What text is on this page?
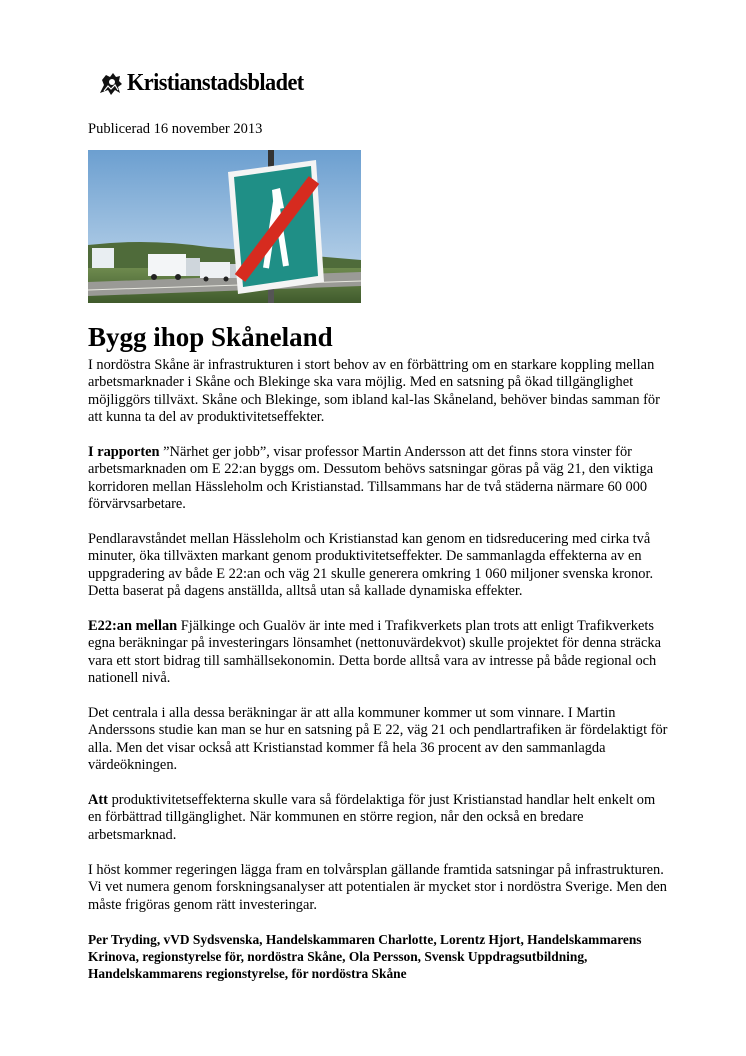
Kristianstadsbladet
Publicerad 16 november 2013
Bygg ihop Skåneland

I nordöstra Skåne är infrastrukturen i stort behov av en förbättring om en starkare koppling mellan arbetsmarknader i Skåne och Blekinge ska vara möjlig. Med en satsning på ökad tillgänglighet möjliggörs tillväxt. Skåne och Blekinge, som ibland kal-las Skåneland, behöver bindas samman för att kunna ta del av produktivitetseffekter.

I rapporten ”Närhet ger jobb”, visar professor Martin Andersson att det finns stora vinster för arbetsmarknaden om E 22:an byggs om. Dessutom behövs satsningar göras på väg 21, den viktiga korridoren mellan Hässleholm och Kristianstad. Tillsammans har de två städerna närmare 60 000 förvärvsarbetare.

Pendlaravståndet mellan Hässleholm och Kristianstad kan genom en tidsreducering med cirka två minuter, öka tillväxten markant genom produktivitetseffekter. De sammanlagda effekterna av en uppgradering av både E 22:an och väg 21 skulle generera omkring 1 060 miljoner svenska kronor. Detta baserat på dagens anställda, alltså utan så kallade dynamiska effekter.

E22:an mellan Fjälkinge och Gualöv är inte med i Trafikverkets plan trots att enligt Trafikverkets egna beräkningar på investeringars lönsamhet (nettonuvärdekvot) skulle projektet för denna sträcka vara ett stort bidrag till samhällsekonomin. Detta borde alltså vara av intresse på både regional och nationell nivå.

Det centrala i alla dessa beräkningar är att alla kommuner kommer ut som vinnare. I Martin Anderssons studie kan man se hur en satsning på E 22, väg 21 och pendlartrafiken är fördelaktigt för alla. Men det visar också att Kristianstad kommer få hela 36 procent av den sammanlagda värdeökningen.

Att produktivitetseffekterna skulle vara så fördelaktiga för just Kristianstad handlar helt enkelt om en förbättrad tillgänglighet. När kommunen en större region, når den också en bredare arbetsmarknad.

I höst kommer regeringen lägga fram en tolvårsplan gällande framtida satsningar på infrastrukturen. Vi vet numera genom forskningsanalyser att potentialen är mycket stor i nordöstra Sverige. Men den måste frigöras genom rätt investeringar.

Per Tryding, vVD Sydsvenska, Handelskammaren Charlotte, Lorentz Hjort, Handelskammarens Krinova, regionstyrelse för, nordöstra Skåne, Ola Persson, Svensk Uppdragsutbildning, Handelskammarens regionstyrelse, för nordöstra Skåne
